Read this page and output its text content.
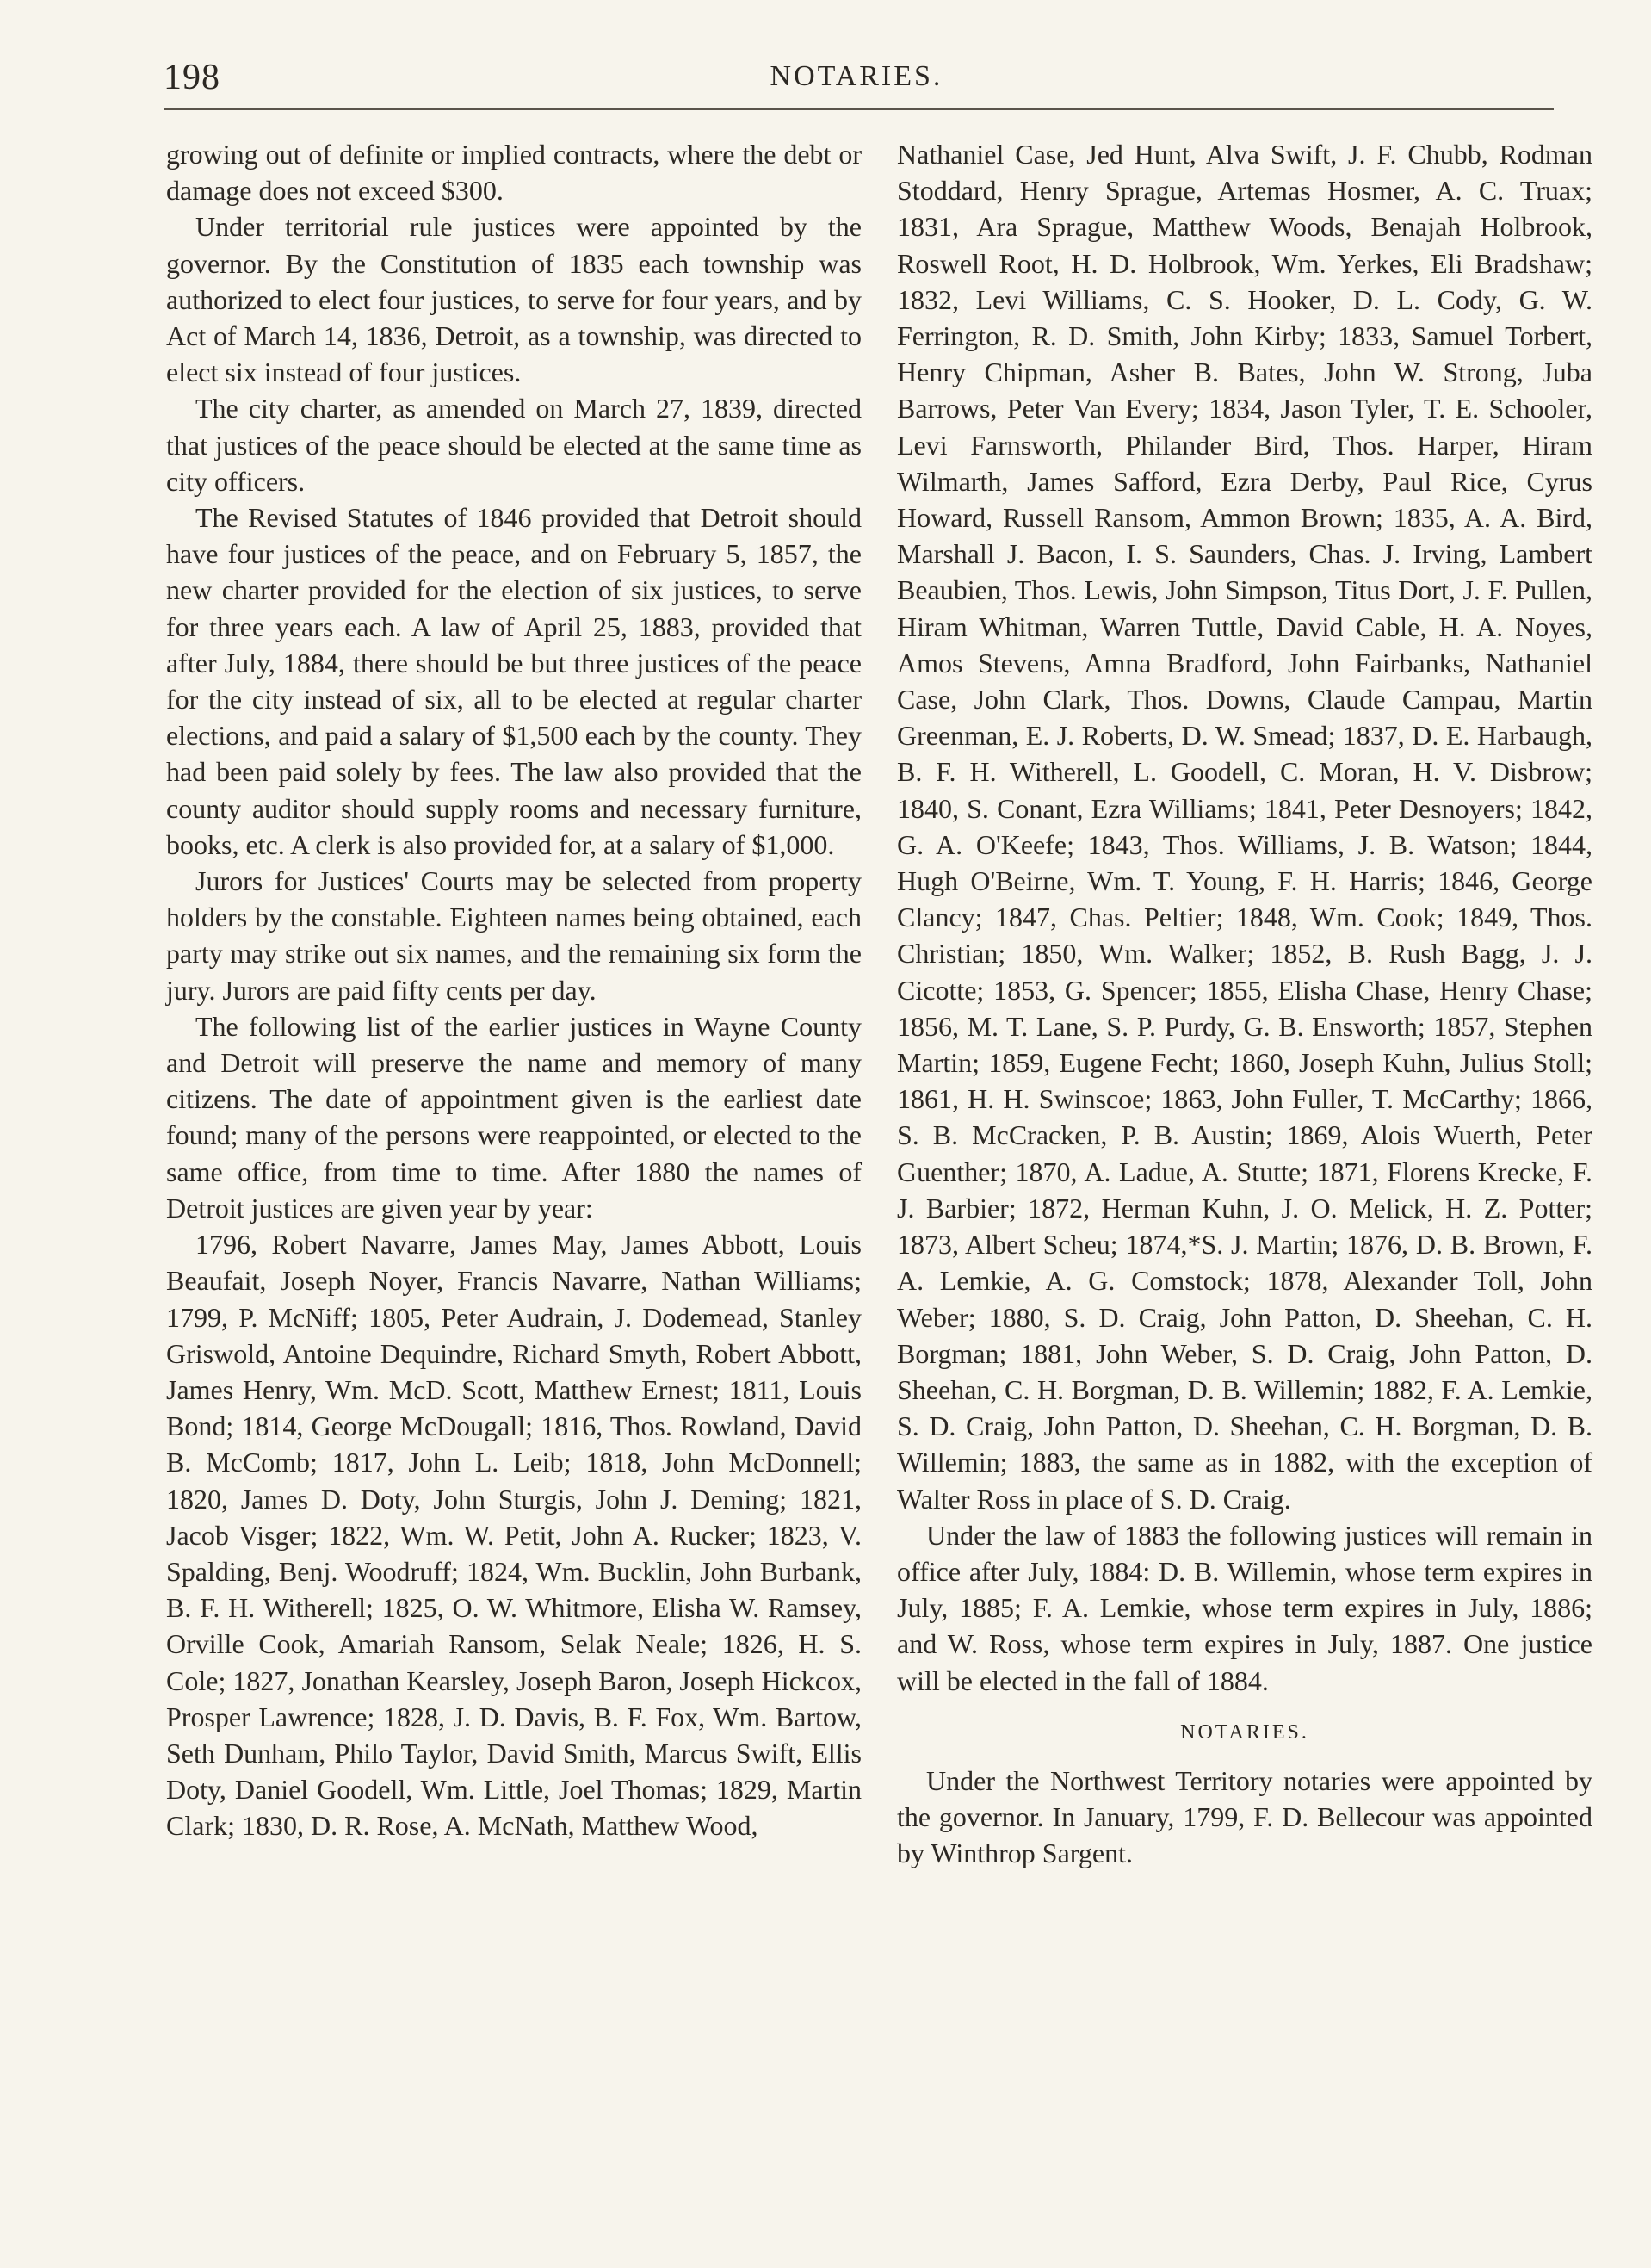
198	NOTARIES.

growing out of definite or implied contracts, where the debt or damage does not exceed $300.

Under territorial rule justices were appointed by the governor. By the Constitution of 1835 each township was authorized to elect four justices, to serve for four years, and by Act of March 14, 1836, Detroit, as a township, was directed to elect six instead of four justices.

The city charter, as amended on March 27, 1839, directed that justices of the peace should be elected at the same time as city officers.

The Revised Statutes of 1846 provided that Detroit should have four justices of the peace, and on February 5, 1857, the new charter provided for the election of six justices, to serve for three years each. A law of April 25, 1883, provided that after July, 1884, there should be but three justices of the peace for the city instead of six, all to be elected at regular charter elections, and paid a salary of $1,500 each by the county. They had been paid solely by fees. The law also provided that the county auditor should supply rooms and necessary furniture, books, etc. A clerk is also provided for, at a salary of $1,000.

Jurors for Justices' Courts may be selected from property holders by the constable. Eighteen names being obtained, each party may strike out six names, and the remaining six form the jury. Jurors are paid fifty cents per day.

The following list of the earlier justices in Wayne County and Detroit will preserve the name and memory of many citizens. The date of appointment given is the earliest date found; many of the persons were reappointed, or elected to the same office, from time to time. After 1880 the names of Detroit justices are given year by year:

1796, Robert Navarre, James May, James Abbott, Louis Beaufait, Joseph Noyer, Francis Navarre, Nathan Williams; 1799, P. McNiff; 1805, Peter Audrain, J. Dodemead, Stanley Griswold, Antoine Dequindre, Richard Smyth, Robert Abbott, James Henry, Wm. McD. Scott, Matthew Ernest; 1811, Louis Bond; 1814, George McDougall; 1816, Thos. Rowland, David B. McComb; 1817, John L. Leib; 1818, John McDonnell; 1820, James D. Doty, John Sturgis, John J. Deming; 1821, Jacob Visger; 1822, Wm. W. Petit, John A. Rucker; 1823, V. Spalding, Benj. Woodruff; 1824, Wm. Bucklin, John Burbank, B. F. H. Witherell; 1825, O. W. Whitmore, Elisha W. Ramsey, Orville Cook, Amariah Ransom, Selak Neale; 1826, H. S. Cole; 1827, Jonathan Kearsley, Joseph Baron, Joseph Hickcox, Prosper Lawrence; 1828, J. D. Davis, B. F. Fox, Wm. Bartow, Seth Dunham, Philo Taylor, David Smith, Marcus Swift, Ellis Doty, Daniel Goodell, Wm. Little, Joel Thomas; 1829, Martin Clark; 1830, D. R. Rose, A. McNath, Matthew Wood,

Nathaniel Case, Jed Hunt, Alva Swift, J. F. Chubb, Rodman Stoddard, Henry Sprague, Artemas Hosmer, A. C. Truax; 1831, Ara Sprague, Matthew Woods, Benajah Holbrook, Roswell Root, H. D. Holbrook, Wm. Yerkes, Eli Bradshaw; 1832, Levi Williams, C. S. Hooker, D. L. Cody, G. W. Ferrington, R. D. Smith, John Kirby; 1833, Samuel Torbert, Henry Chipman, Asher B. Bates, John W. Strong, Juba Barrows, Peter Van Every; 1834, Jason Tyler, T. E. Schooler, Levi Farnsworth, Philander Bird, Thos. Harper, Hiram Wilmarth, James Safford, Ezra Derby, Paul Rice, Cyrus Howard, Russell Ransom, Ammon Brown; 1835, A. A. Bird, Marshall J. Bacon, I. S. Saunders, Chas. J. Irving, Lambert Beaubien, Thos. Lewis, John Simpson, Titus Dort, J. F. Pullen, Hiram Whitman, Warren Tuttle, David Cable, H. A. Noyes, Amos Stevens, Amna Bradford, John Fairbanks, Nathaniel Case, John Clark, Thos. Downs, Claude Campau, Martin Greenman, E. J. Roberts, D. W. Smead; 1837, D. E. Harbaugh, B. F. H. Witherell, L. Goodell, C. Moran, H. V. Disbrow; 1840, S. Conant, Ezra Williams; 1841, Peter Desnoyers; 1842, G. A. O'Keefe; 1843, Thos. Williams, J. B. Watson; 1844, Hugh O'Beirne, Wm. T. Young, F. H. Harris; 1846, George Clancy; 1847, Chas. Peltier; 1848, Wm. Cook; 1849, Thos. Christian; 1850, Wm. Walker; 1852, B. Rush Bagg, J. J. Cicotte; 1853, G. Spencer; 1855, Elisha Chase, Henry Chase; 1856, M. T. Lane, S. P. Purdy, G. B. Ensworth; 1857, Stephen Martin; 1859, Eugene Fecht; 1860, Joseph Kuhn, Julius Stoll; 1861, H. H. Swinscoe; 1863, John Fuller, T. McCarthy; 1866, S. B. McCracken, P. B. Austin; 1869, Alois Wuerth, Peter Guenther; 1870, A. Ladue, A. Stutte; 1871, Florens Krecke, F. J. Barbier; 1872, Herman Kuhn, J. O. Melick, H. Z. Potter; 1873, Albert Scheu; 1874,*S. J. Martin; 1876, D. B. Brown, F. A. Lemkie, A. G. Comstock; 1878, Alexander Toll, John Weber; 1880, S. D. Craig, John Patton, D. Sheehan, C. H. Borgman; 1881, John Weber, S. D. Craig, John Patton, D. Sheehan, C. H. Borgman, D. B. Willemin; 1882, F. A. Lemkie, S. D. Craig, John Patton, D. Sheehan, C. H. Borgman, D. B. Willemin; 1883, the same as in 1882, with the exception of Walter Ross in place of S. D. Craig.

Under the law of 1883 the following justices will remain in office after July, 1884: D. B. Willemin, whose term expires in July, 1885; F. A. Lemkie, whose term expires in July, 1886; and W. Ross, whose term expires in July, 1887. One justice will be elected in the fall of 1884.

NOTARIES.

Under the Northwest Territory notaries were appointed by the governor. In January, 1799, F. D. Bellecour was appointed by Winthrop Sargent.
